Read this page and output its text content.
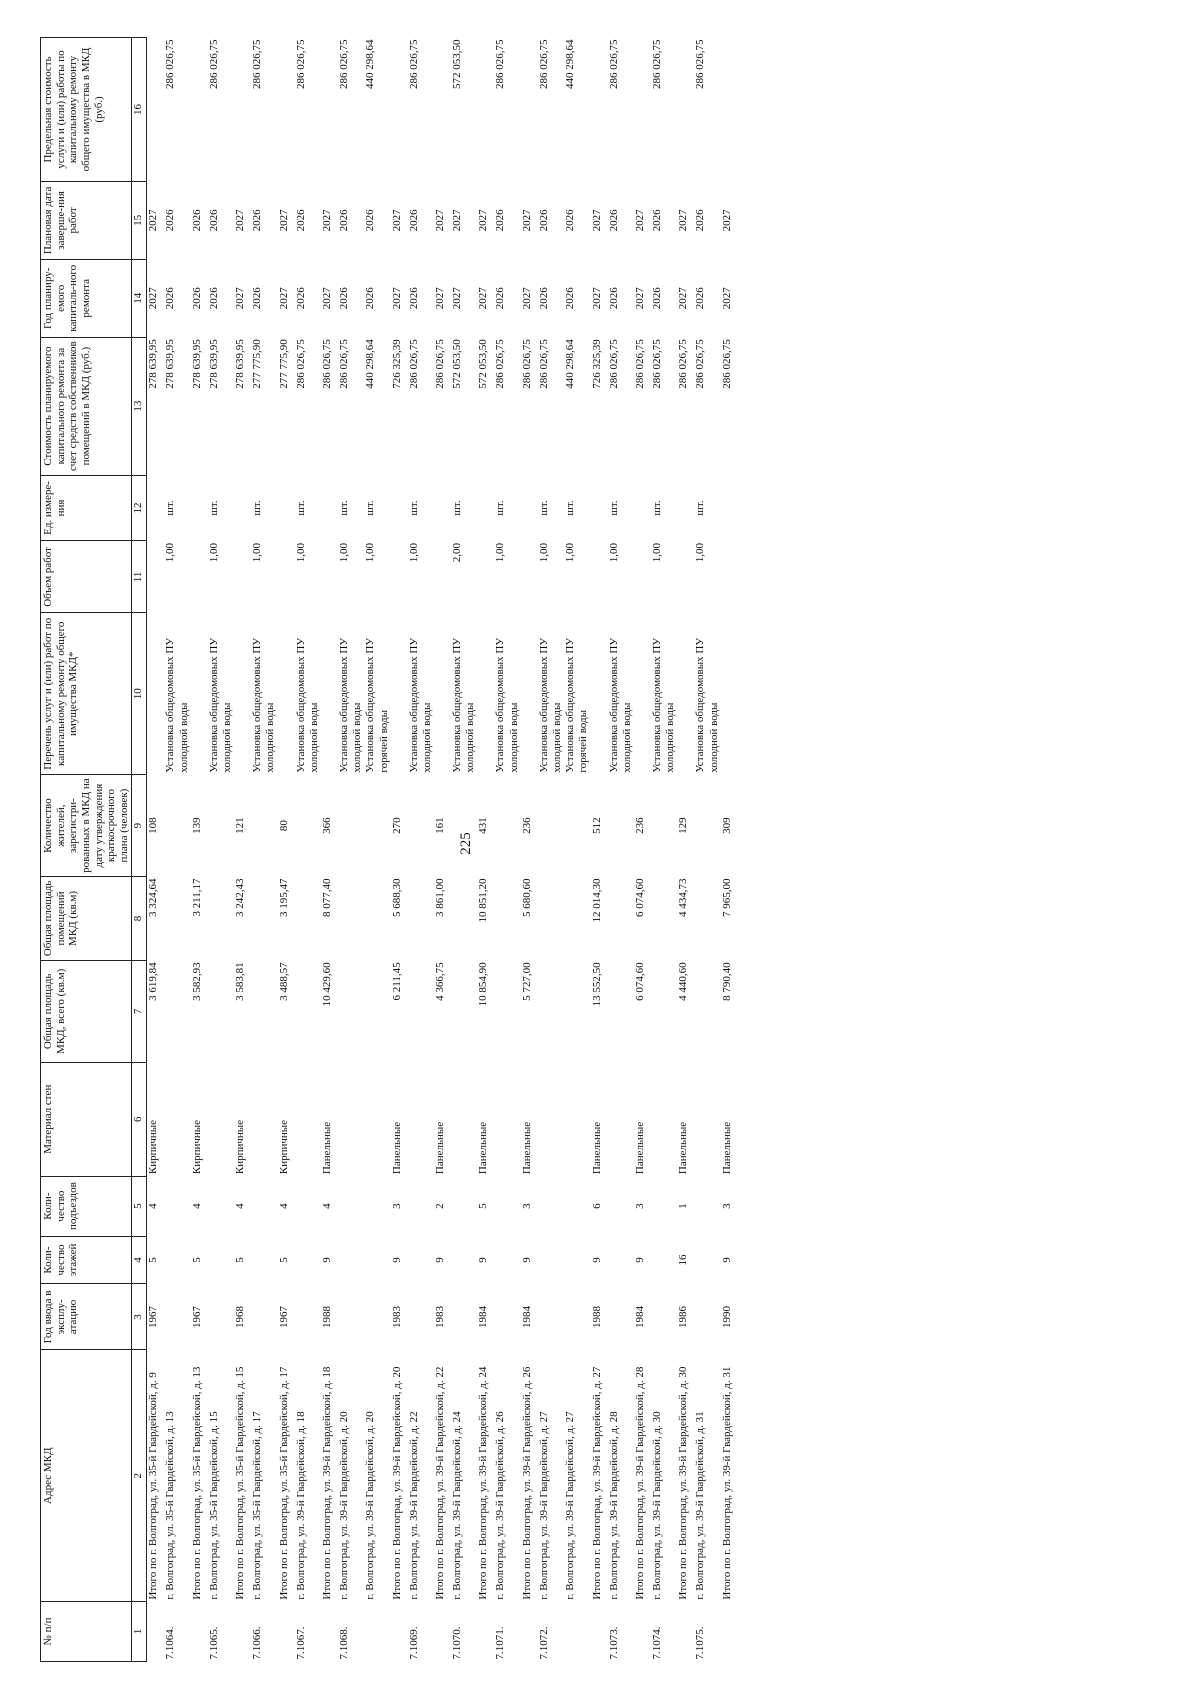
225
№ п/п	Адрес МКД	Год ввода в эксплу-атацию	Коли-чество этажей	Коли-чество подъездов	Материал стен	Общая площадь МКД, всего (кв.м)	Общая площадь помещений МКД (кв.м)	Количество жителей, зарегистри-рованных в МКД на дату утверждения краткосрочного плана (человек)	Перечень услуг и (или) работ по капитальному ремонту общего имущества МКД*	Объем работ	Ед. измере-ния	Стоимость планируемого капитального ремонта за счет средств собственников помещений в МКД (руб.)	Год планиру-емого капиталь-ного ремонта	Плановая дата заверше-ния работ	Предельная стоимость услуги и (или) работы по капитальному ремонту общего имущества в МКД (руб.)
1	2	3	4	5	6	7	8	9	10	11	12	13	14	15	16
	Итого по г. Волгоград, ул. 35-й Гвардейской, д. 9	1967	5	4	Кирпичные	3 619,84	3 324,64	108				278 639,95	2027	2027	
7.1064.	г. Волгоград, ул. 35-й Гвардейской, д. 13								Установка общедомовых ПУ холодной воды	1,00	шт.	278 639,95	2026	2026	286 026,75
	Итого по г. Волгоград, ул. 35-й Гвардейской, д. 13	1967	5	4	Кирпичные	3 582,93	3 211,17	139				278 639,95	2026	2026	
7.1065.	г. Волгоград, ул. 35-й Гвардейской, д. 15								Установка общедомовых ПУ холодной воды	1,00	шт.	278 639,95	2026	2026	286 026,75
	Итого по г. Волгоград, ул. 35-й Гвардейской, д. 15	1968	5	4	Кирпичные	3 583,81	3 242,43	121				278 639,95	2027	2027	
7.1066.	г. Волгоград, ул. 35-й Гвардейской, д. 17								Установка общедомовых ПУ холодной воды	1,00	шт.	277 775,90	2026	2026	286 026,75
	Итого по г. Волгоград, ул. 35-й Гвардейской, д. 17	1967	5	4	Кирпичные	3 488,57	3 195,47	80				277 775,90	2027	2027	
7.1067.	г. Волгоград, ул. 39-й Гвардейской, д. 18								Установка общедомовых ПУ холодной воды	1,00	шт.	286 026,75	2026	2026	286 026,75
	Итого по г. Волгоград, ул. 39-й Гвардейской, д. 18	1988	9	4	Панельные	10 429,60	8 077,40	366				286 026,75	2027	2027	
7.1068.	г. Волгоград, ул. 39-й Гвардейской, д. 20								Установка общедомовых ПУ холодной воды	1,00	шт.	286 026,75	2026	2026	286 026,75
	г. Волгоград, ул. 39-й Гвардейской, д. 20								Установка общедомовых ПУ горячей воды	1,00	шт.	440 298,64	2026	2026	440 298,64
	Итого по г. Волгоград, ул. 39-й Гвардейской, д. 20	1983	9	3	Панельные	6 211,45	5 688,30	270				726 325,39	2027	2027	
7.1069.	г. Волгоград, ул. 39-й Гвардейской, д. 22								Установка общедомовых ПУ холодной воды	1,00	шт.	286 026,75	2026	2026	286 026,75
	Итого по г. Волгоград, ул. 39-й Гвардейской, д. 22	1983	9	2	Панельные	4 366,75	3 861,00	161				286 026,75	2027	2027	
7.1070.	г. Волгоград, ул. 39-й Гвардейской, д. 24								Установка общедомовых ПУ холодной воды	2,00	шт.	572 053,50	2027	2027	572 053,50
	Итого по г. Волгоград, ул. 39-й Гвардейской, д. 24	1984	9	5	Панельные	10 854,90	10 851,20	431				572 053,50	2027	2027	
7.1071.	г. Волгоград, ул. 39-й Гвардейской, д. 26								Установка общедомовых ПУ холодной воды	1,00	шт.	286 026,75	2026	2026	286 026,75
	Итого по г. Волгоград, ул. 39-й Гвардейской, д. 26	1984	9	3	Панельные	5 727,00	5 680,60	236				286 026,75	2027	2027	
7.1072.	г. Волгоград, ул. 39-й Гвардейской, д. 27								Установка общедомовых ПУ холодной воды	1,00	шт.	286 026,75	2026	2026	286 026,75
	г. Волгоград, ул. 39-й Гвардейской, д. 27								Установка общедомовых ПУ горячей воды	1,00	шт.	440 298,64	2026	2026	440 298,64
	Итого по г. Волгоград, ул. 39-й Гвардейской, д. 27	1988	9	6	Панельные	13 552,50	12 014,30	512				726 325,39	2027	2027	
7.1073.	г. Волгоград, ул. 39-й Гвардейской, д. 28								Установка общедомовых ПУ холодной воды	1,00	шт.	286 026,75	2026	2026	286 026,75
	Итого по г. Волгоград, ул. 39-й Гвардейской, д. 28	1984	9	3	Панельные	6 074,60	6 074,60	236				286 026,75	2027	2027	
7.1074.	г. Волгоград, ул. 39-й Гвардейской, д. 30								Установка общедомовых ПУ холодной воды	1,00	шт.	286 026,75	2026	2026	286 026,75
	Итого по г. Волгоград, ул. 39-й Гвардейской, д. 30	1986	16	1	Панельные	4 440,60	4 434,73	129				286 026,75	2027	2027	
7.1075.	г. Волгоград, ул. 39-й Гвардейской, д. 31								Установка общедомовых ПУ холодной воды	1,00	шт.	286 026,75	2026	2026	286 026,75
	Итого по г. Волгоград, ул. 39-й Гвардейской, д. 31	1990	9	3	Панельные	8 790,40	7 965,00	309				286 026,75	2027	2027	
